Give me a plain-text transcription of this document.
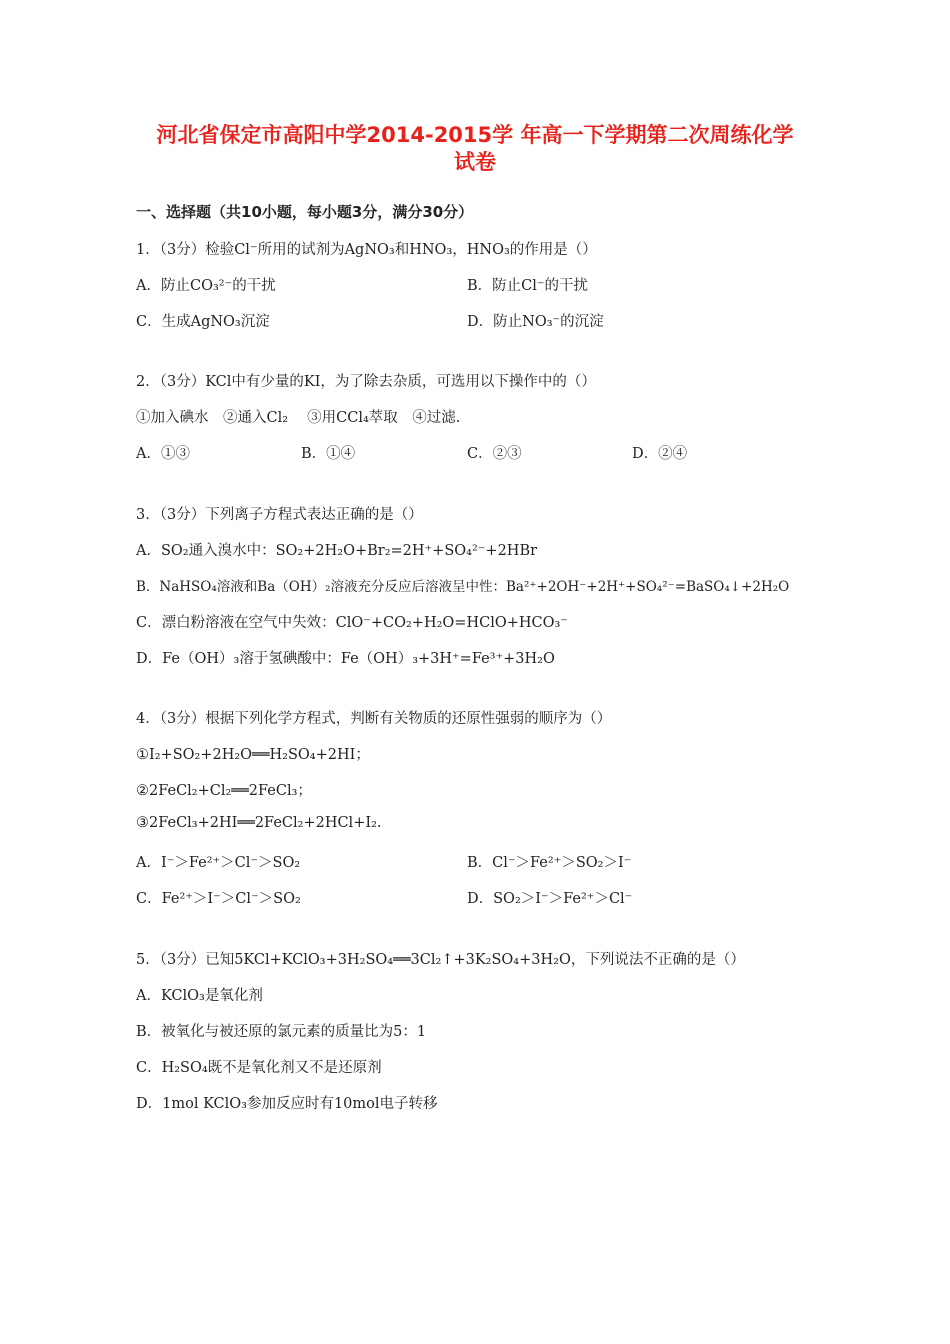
河北省保定市高阳中学2014-2015学 年高一下学期第二次周练化学
试卷
一、选择题（共10小题，每小题3分，满分30分）
1．（3分）检验Cl⁻所用的试剂为AgNO₃和HNO₃，HNO₃的作用是（）
A．防止CO₃²⁻的干扰	B．防止Cl⁻的干扰
C．生成AgNO₃沉淀	D．防止NO₃⁻的沉淀
2．（3分）KCl中有少量的KI，为了除去杂质，可选用以下操作中的（）
①加入碘水　②通入Cl₂　 ③用CCl₄萃取　④过滤.
A．①③	B．①④	C．②③	D．②④
3．（3分）下列离子方程式表达正确的是（）
A．SO₂通入溴水中：SO₂+2H₂O+Br₂=2H⁺+SO₄²⁻+2HBr
B．NaHSO₄溶液和Ba（OH）₂溶液充分反应后溶液呈中性：Ba²⁺+2OH⁻+2H⁺+SO₄²⁻=BaSO₄↓+2H₂O
C．漂白粉溶液在空气中失效：ClO⁻+CO₂+H₂O=HClO+HCO₃⁻
D．Fe（OH）₃溶于氢碘酸中：Fe（OH）₃+3H⁺=Fe³⁺+3H₂O
4．（3分）根据下列化学方程式，判断有关物质的还原性强弱的顺序为（）
①I₂+SO₂+2H₂O══H₂SO₄+2HI；
②2FeCl₂+Cl₂══2FeCl₃；
③2FeCl₃+2HI══2FeCl₂+2HCl+I₂.
A．I⁻＞Fe²⁺＞Cl⁻＞SO₂	B．Cl⁻＞Fe²⁺＞SO₂＞I⁻
C．Fe²⁺＞I⁻＞Cl⁻＞SO₂	D．SO₂＞I⁻＞Fe²⁺＞Cl⁻
5．（3分）已知5KCl+KClO₃+3H₂SO₄══3Cl₂↑+3K₂SO₄+3H₂O，下列说法不正确的是（）
A．KClO₃是氧化剂
B．被氧化与被还原的氯元素的质量比为5：1
C．H₂SO₄既不是氧化剂又不是还原剂
D．1mol KClO₃参加反应时有10mol电子转移
